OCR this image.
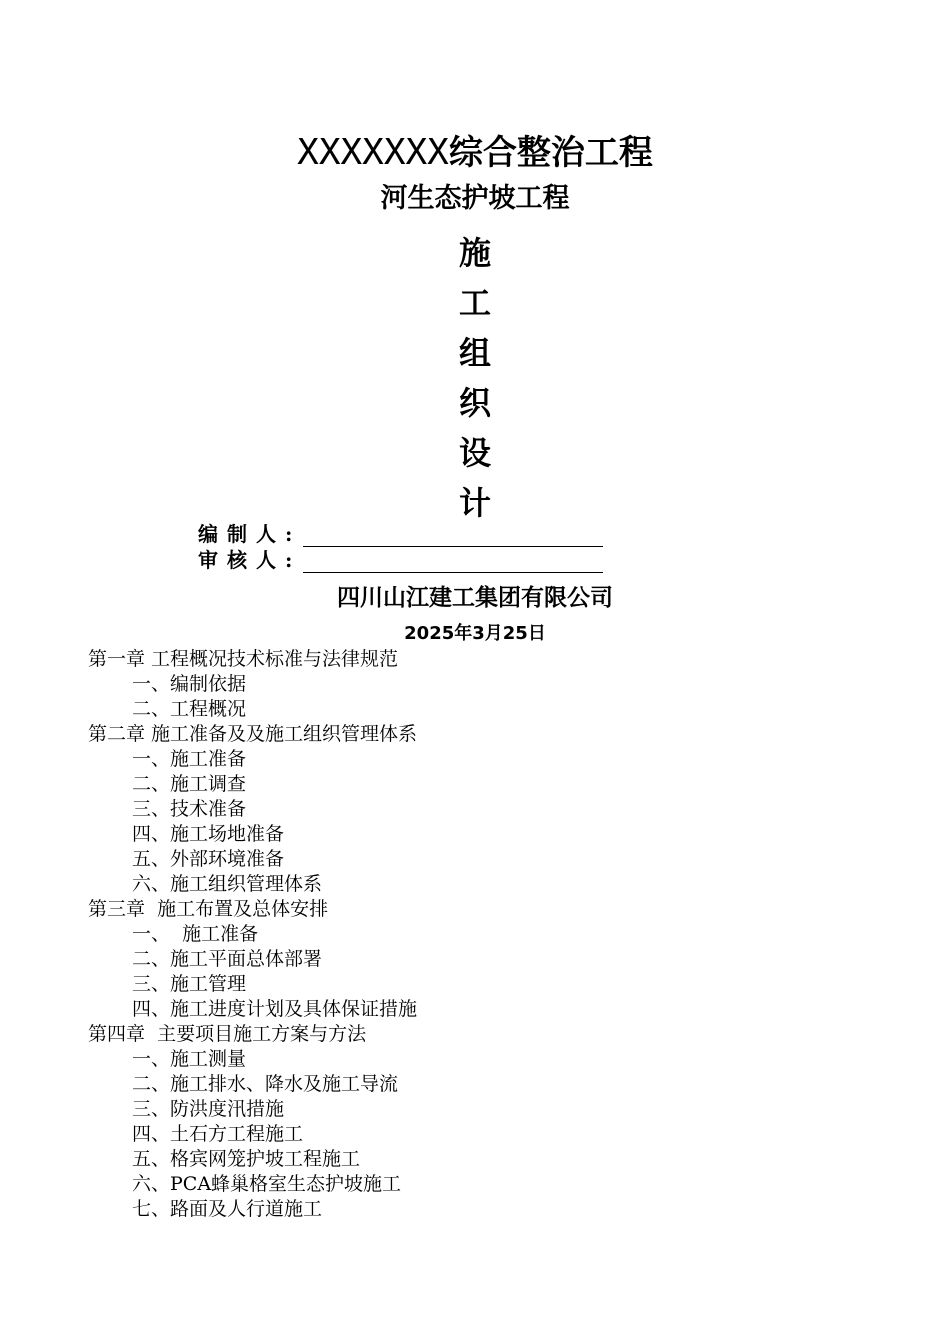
XXXXXXX综合整治工程
河生态护坡工程
施
工
组
织
设
计
编制人:
审核人:
四川山江建工集团有限公司
2025年3月25日
第一章 工程概况技术标准与法律规范
一、编制依据
二、工程概况
第二章 施工准备及及施工组织管理体系
一、施工准备
二、施工调查
三、技术准备
四、施工场地准备
五、外部环境准备
六、施工组织管理体系
第三章  施工布置及总体安排
一、  施工准备
二、施工平面总体部署
三、施工管理
四、施工进度计划及具体保证措施
第四章  主要项目施工方案与方法
一、施工测量
二、施工排水、降水及施工导流
三、防洪度汛措施
四、土石方工程施工
五、格宾网笼护坡工程施工
六、PCA蜂巢格室生态护坡施工
七、路面及人行道施工
